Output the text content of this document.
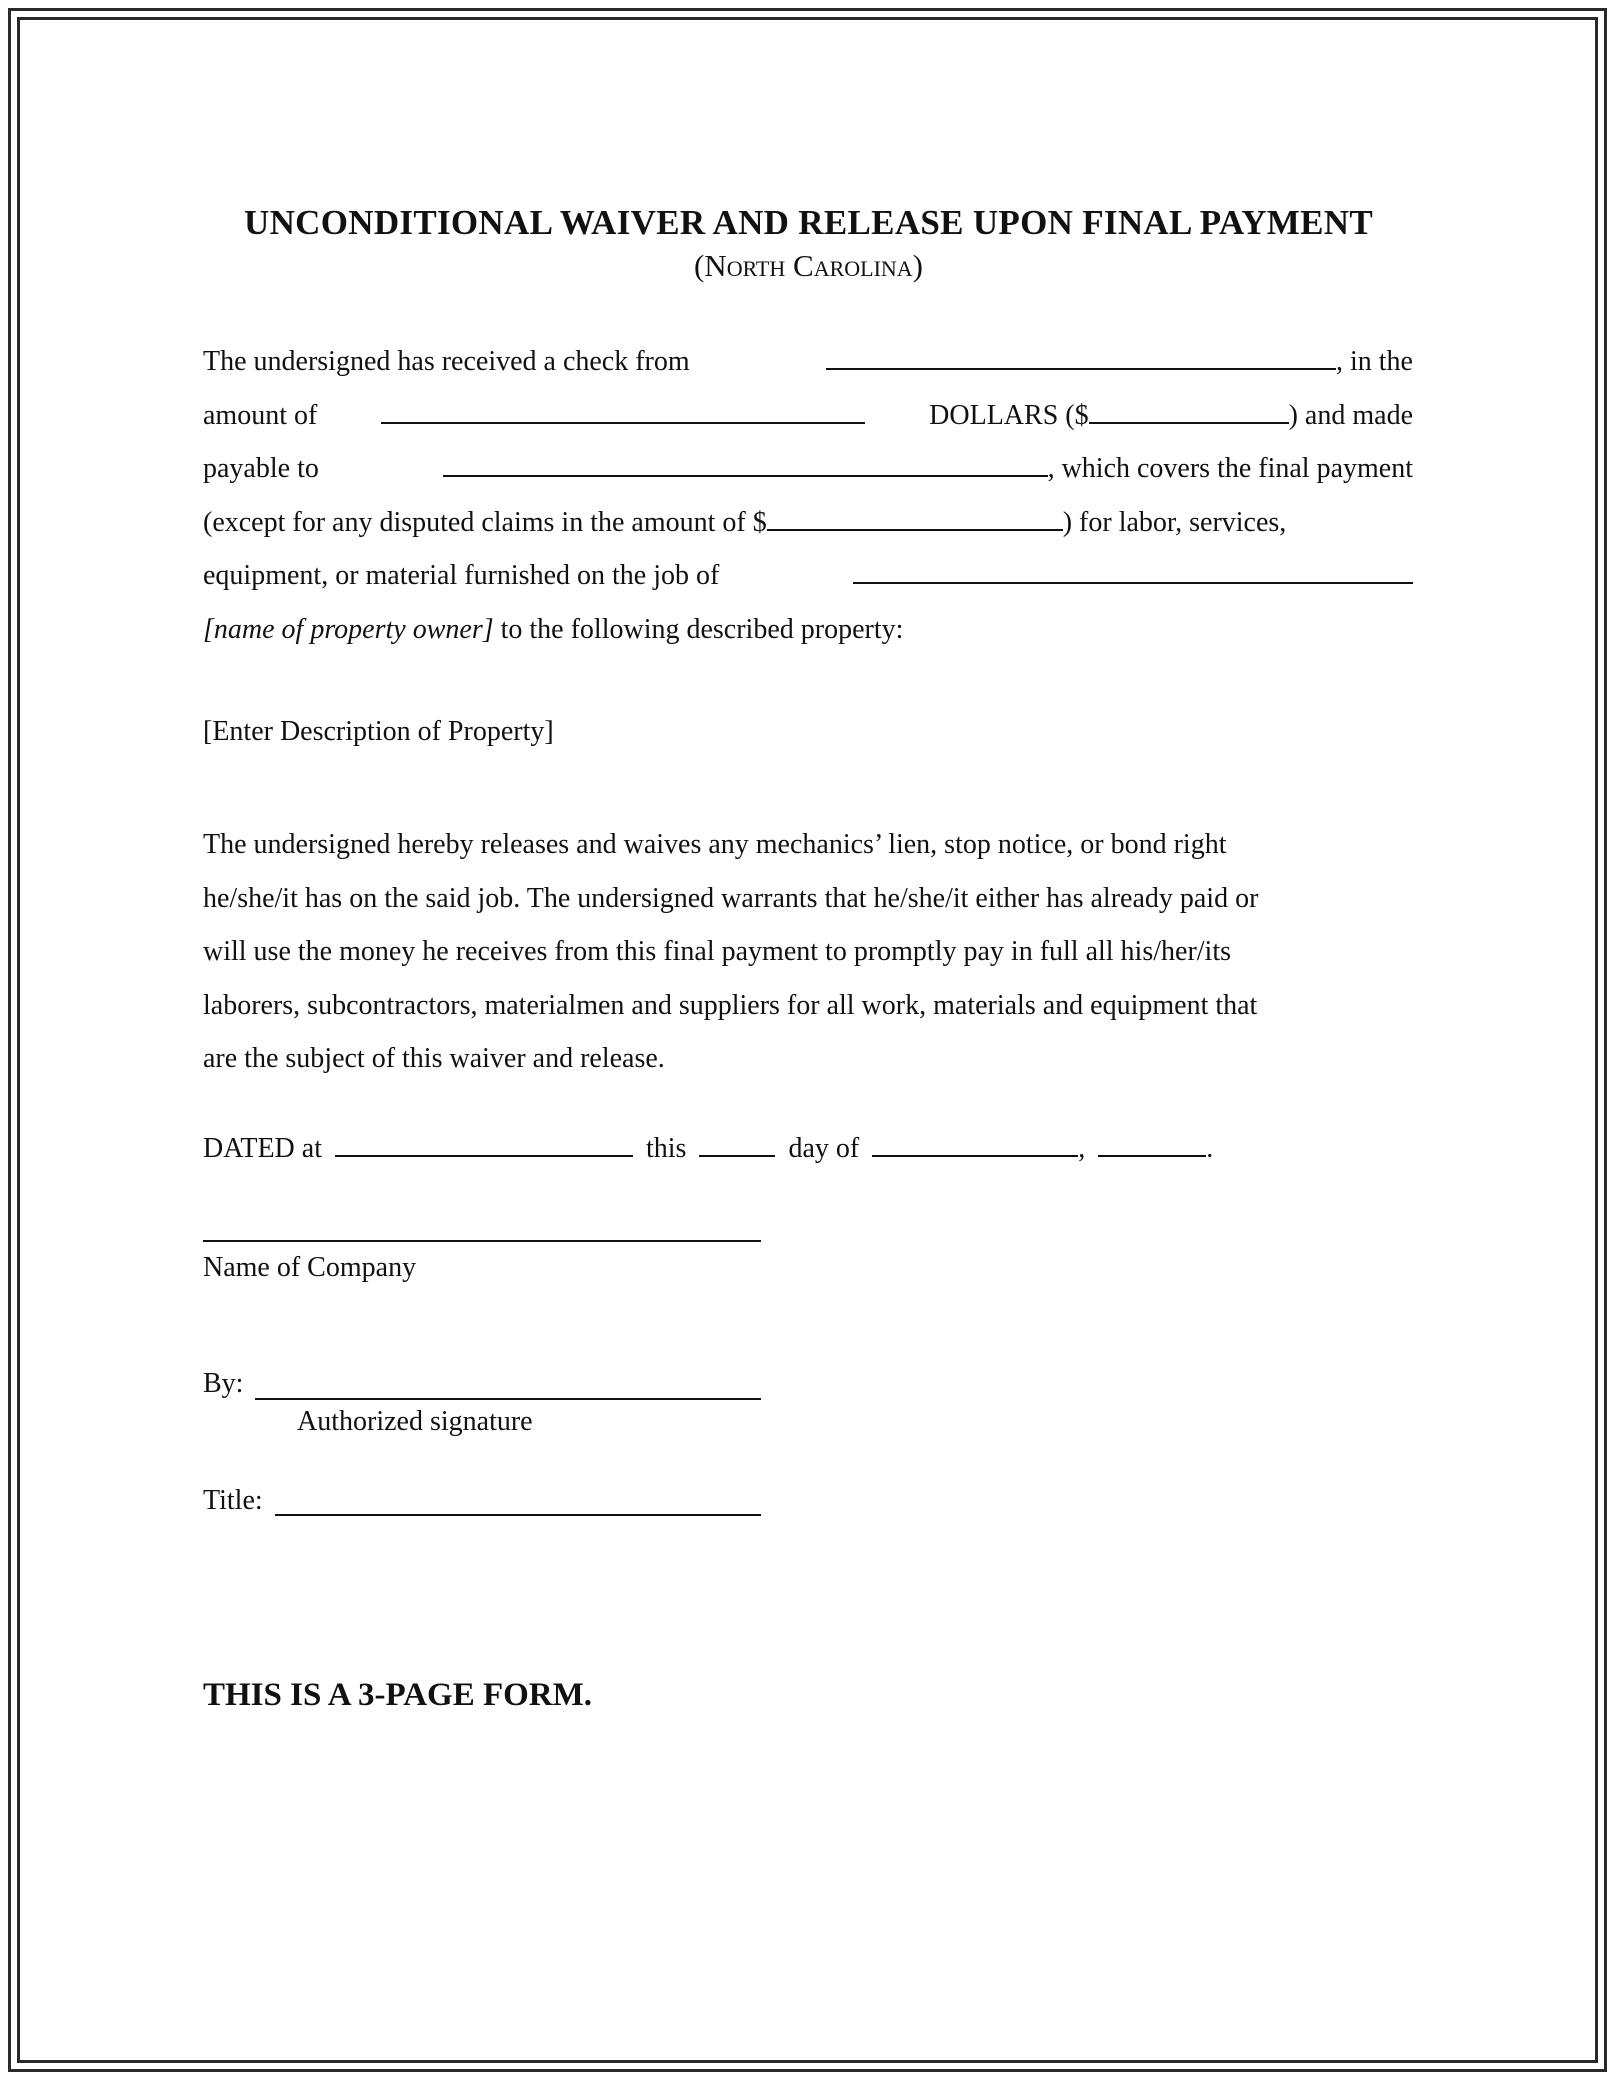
UNCONDITIONAL WAIVER AND RELEASE UPON FINAL PAYMENT
(North Carolina)
The undersigned has received a check from	, in the
amount of	DOLLARS ($	) and made
payable to	, which covers the final payment
(except for any disputed claims in the amount of $	) for labor, services,
equipment, or material furnished on the job of
[name of property owner] to the following described property:
[Enter Description of Property]
The undersigned hereby releases and waives any mechanics’ lien, stop notice, or bond right
he/she/it has on the said job. The undersigned warrants that he/she/it either has already paid or
will use the money he receives from this final payment to promptly pay in full all his/her/its
laborers, subcontractors, materialmen and suppliers for all work, materials and equipment that
are the subject of this waiver and release.
DATED at	this	day of	,	.
Name of Company
By:
Authorized signature
Title:
THIS IS A 3-PAGE FORM.
